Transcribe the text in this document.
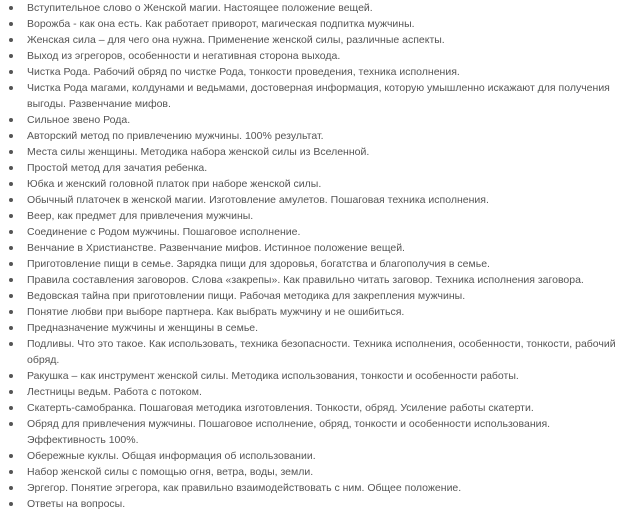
Вступительное слово о Женской магии. Настоящее положение вещей.
Ворожба - как она есть. Как работает приворот, магическая подпитка мужчины.
Женская сила – для чего она нужна. Применение женской силы, различные аспекты.
Выход из эгрегоров, особенности и негативная сторона выхода.
Чистка Рода. Рабочий обряд по чистке Рода, тонкости проведения, техника исполнения.
Чистка Рода магами, колдунами и ведьмами, достоверная информация, которую умышленно искажают для получения выгоды. Развенчание мифов.
Сильное звено Рода.
Авторский метод по привлечению мужчины. 100% результат.
Места силы женщины. Методика набора женской силы из Вселенной.
Простой метод для зачатия ребенка.
Юбка и женский головной платок при наборе женской силы.
Обычный платочек в женской магии. Изготовление амулетов. Пошаговая техника исполнения.
Веер, как предмет для привлечения мужчины.
Соединение с Родом мужчины. Пошаговое исполнение.
Венчание в Христианстве. Развенчание мифов. Истинное положение вещей.
Приготовление пищи в семье. Зарядка пищи для здоровья, богатства и благополучия в семье.
Правила составления заговоров. Слова «закрепы». Как правильно читать заговор. Техника исполнения заговора.
Ведовская тайна при приготовлении пищи. Рабочая методика для закрепления мужчины.
Понятие любви при выборе партнера. Как выбрать мужчину и не ошибиться.
Предназначение мужчины и женщины в семье.
Подливы. Что это такое. Как использовать, техника безопасности. Техника исполнения, особенности, тонкости, рабочий обряд.
Ракушка – как инструмент женской силы. Методика использования, тонкости и особенности работы.
Лестницы ведьм. Работа с потоком.
Скатерть-самобранка. Пошаговая методика изготовления. Тонкости, обряд. Усиление работы скатерти.
Обряд для привлечения мужчины. Пошаговое исполнение, обряд, тонкости и особенности использования. Эффективность 100%.
Обережные куклы. Общая информация об использовании.
Набор женской силы с помощью огня, ветра, воды, земли.
Эргегор. Понятие эгрегора, как правильно взаимодействовать с ним. Общее положение.
Ответы на вопросы.
